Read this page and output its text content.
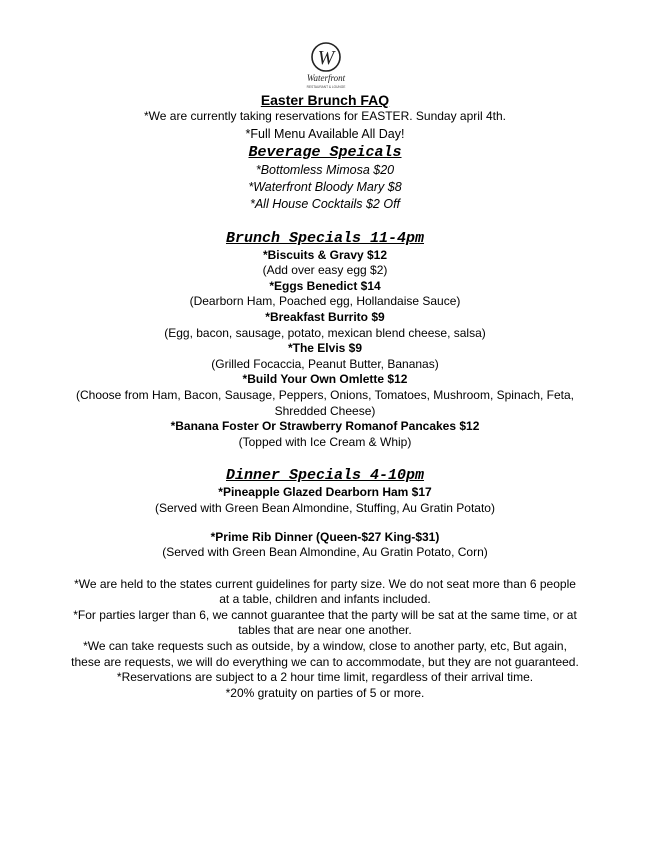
W
Waterfront
RESTAURANT & LOUNGE

Easter Brunch FAQ

*We are currently taking reservations for EASTER. Sunday april 4th.

*Full Menu Available All Day!

Beverage Speicals

*Bottomless Mimosa $20

*Waterfront Bloody Mary $8

*All House Cocktails $2 Off

Brunch Specials 11-4pm

*Biscuits & Gravy $12

(Add over easy egg $2)

*Eggs Benedict $14

(Dearborn Ham, Poached egg, Hollandaise Sauce)

*Breakfast Burrito $9

(Egg, bacon, sausage, potato, mexican blend cheese, salsa)

*The Elvis $9

(Grilled Focaccia, Peanut Butter, Bananas)

*Build Your Own Omlette $12

(Choose from Ham, Bacon, Sausage, Peppers, Onions, Tomatoes, Mushroom, Spinach, Feta,

Shredded Cheese)

*Banana Foster Or Strawberry Romanof Pancakes $12

(Topped with Ice Cream & Whip)

Dinner Specials 4-10pm

*Pineapple Glazed Dearborn Ham $17

(Served with Green Bean Almondine, Stuffing, Au Gratin Potato)

*Prime Rib Dinner (Queen-$27 King-$31)

(Served with Green Bean Almondine, Au Gratin Potato, Corn)

*We are held to the states current guidelines for party size. We do not seat more than 6 people

at a table, children and infants included.

*For parties larger than 6, we cannot guarantee that the party will be sat at the same time, or at

tables that are near one another.

*We can take requests such as outside, by a window, close to another party, etc, But again,

these are requests, we will do everything we can to accommodate, but they are not guaranteed.

*Reservations are subject to a 2 hour time limit, regardless of their arrival time.

*20% gratuity on parties of 5 or more.
